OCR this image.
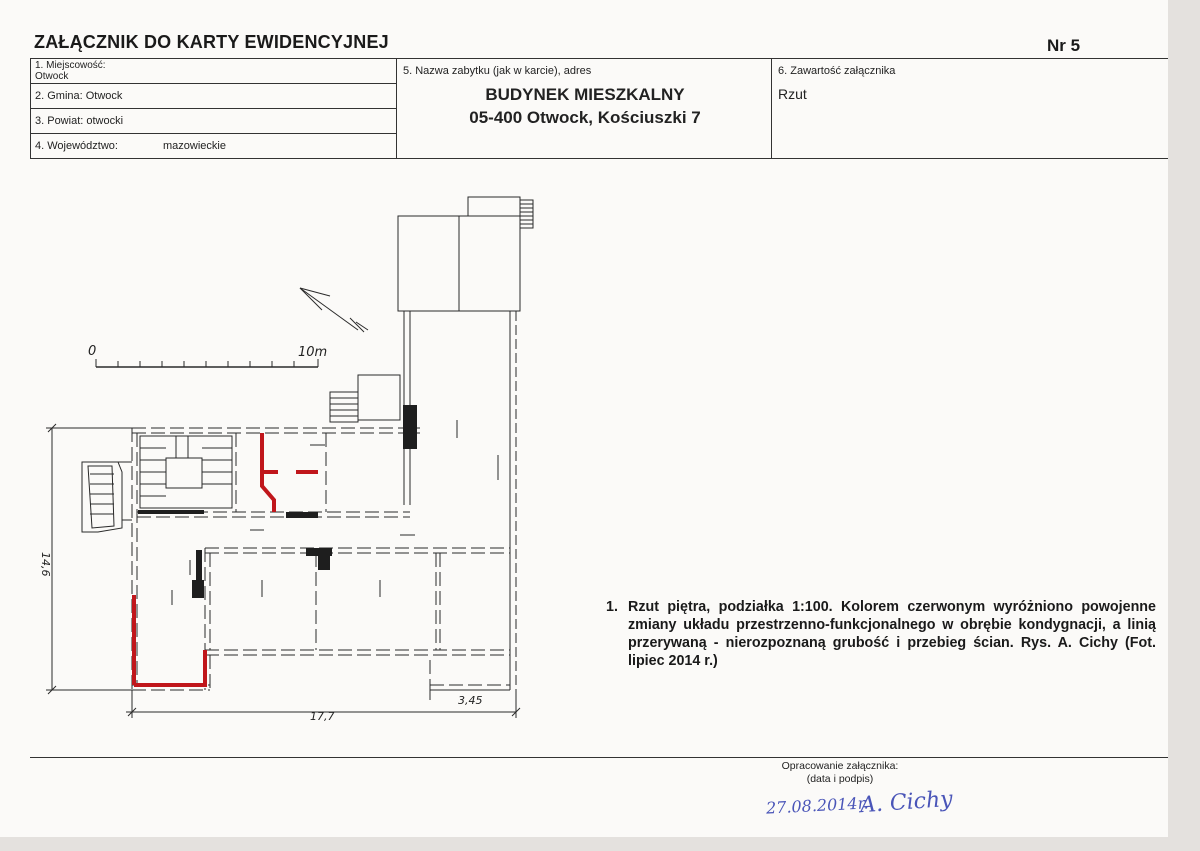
ZAŁĄCZNIK DO KARTY EWIDENCYJNEJ	Nr 5
1. Miejscowość:
Otwock
2. Gmina: Otwock
3. Powiat: otwocki
4. Województwo:	mazowieckie
5. Nazwa zabytku (jak w karcie), adres
BUDYNEK MIESZKALNY
05-400 Otwock, Kościuszki 7
6. Zawartość załącznika
Rzut
0	10m
17,7
3,45
14,6
1. Rzut piętra, podziałka 1:100. Kolorem czerwonym wyróżniono powojenne zmiany układu przestrzenno-funkcjonalnego w obrębie kondygnacji, a linią przerywaną - nierozpoznaną grubość i przebieg ścian. Rys. A. Cichy (Fot. lipiec 2014 r.)
Opracowanie załącznika:
(data i podpis)
27.08.2014r.
A. Cichy
